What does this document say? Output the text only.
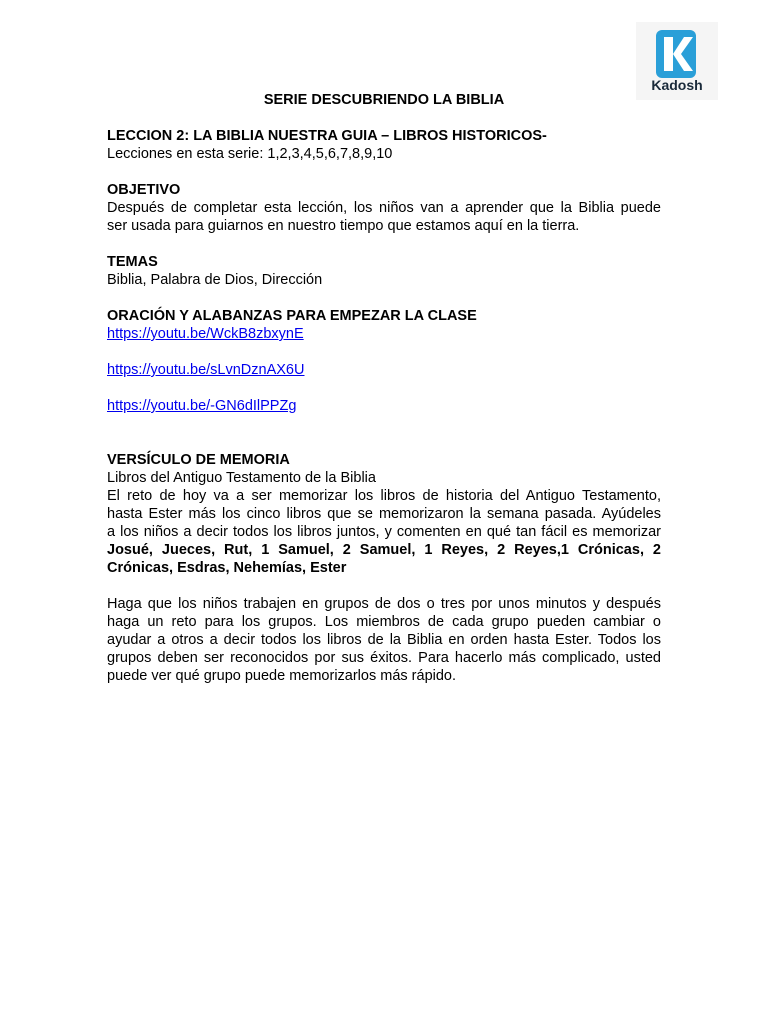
Kadosh
SERIE DESCUBRIENDO LA BIBLIA
LECCION 2: LA BIBLIA NUESTRA GUIA – LIBROS HISTORICOS-
Lecciones en esta serie: 1,2,3,4,5,6,7,8,9,10
OBJETIVO
Después de completar esta lección, los niños van a aprender que la Biblia puede
ser usada para guiarnos en nuestro tiempo que estamos aquí en la tierra.
TEMAS
Biblia, Palabra de Dios, Dirección
ORACIÓN Y ALABANZAS PARA EMPEZAR LA CLASE
https://youtu.be/WckB8zbxynE
https://youtu.be/sLvnDznAX6U
https://youtu.be/-GN6dIlPPZg
VERSÍCULO DE MEMORIA
Libros del Antiguo Testamento de la Biblia
El reto de hoy va a ser memorizar los libros de historia del Antiguo Testamento,
hasta Ester más los cinco libros que se memorizaron la semana pasada. Ayúdeles
a los niños a decir todos los libros juntos, y comenten en qué tan fácil es memorizar
Josué, Jueces, Rut, 1 Samuel, 2 Samuel, 1 Reyes, 2 Reyes,1 Crónicas, 2
Crónicas, Esdras, Nehemías, Ester
Haga que los niños trabajen en grupos de dos o tres por unos minutos y después
haga un reto para los grupos. Los miembros de cada grupo pueden cambiar o
ayudar a otros a decir todos los libros de la Biblia en orden hasta Ester. Todos los
grupos deben ser reconocidos por sus éxitos. Para hacerlo más complicado, usted
puede ver qué grupo puede memorizarlos más rápido.
